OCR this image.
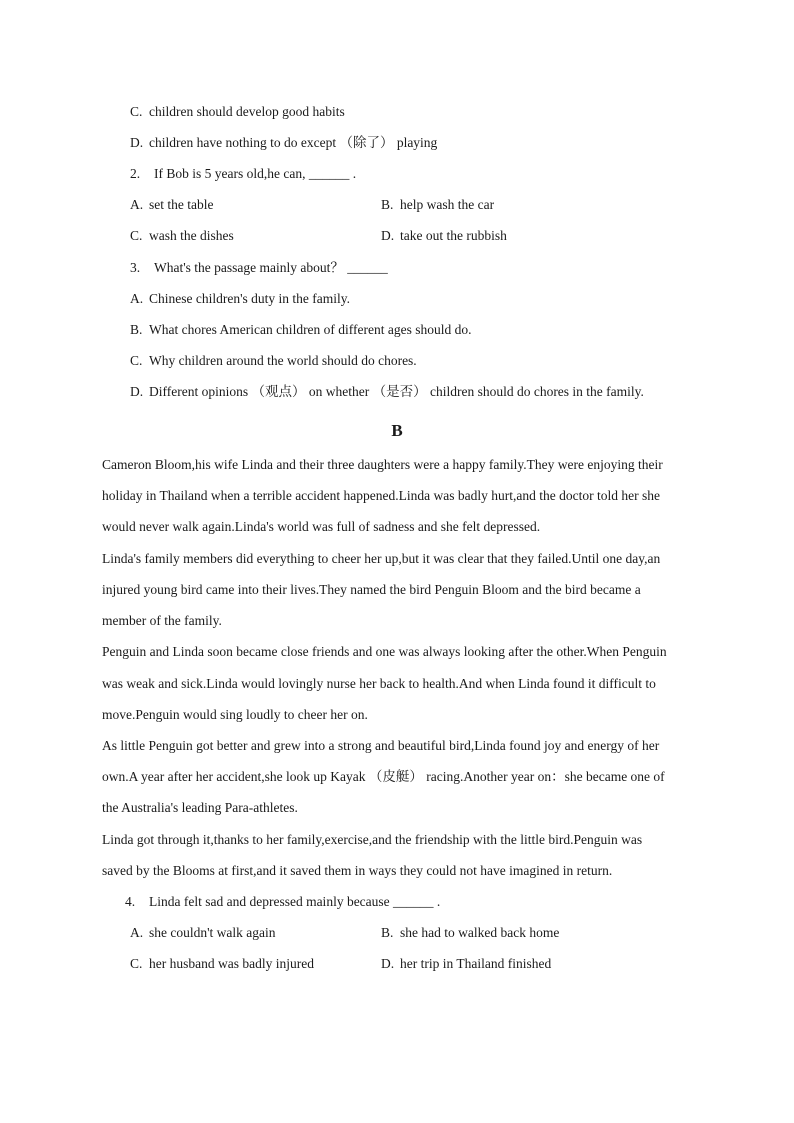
C. children should develop good habits
D. children have nothing to do except （除了） playing
2. If Bob is 5 years old,he can, ______ .
A. set the table	B. help wash the car
C. wash the dishes	D. take out the rubbish
3. What's the passage mainly about？ ______
A. Chinese children's duty in the family.
B. What chores American children of different ages should do.
C. Why children around the world should do chores.
D. Different opinions （观点） on whether （是否） children should do chores in the family.
B
Cameron Bloom,his wife Linda and their three daughters were a happy family.They were enjoying their
holiday in Thailand when a terrible accident happened.Linda was badly hurt,and the doctor told her she
would never walk again.Linda's world was full of sadness and she felt depressed.
Linda's family members did everything to cheer her up,but it was clear that they failed.Until one day,an
injured young bird came into their lives.They named the bird Penguin Bloom and the bird became a
member of the family.
Penguin and Linda soon became close friends and one was always looking after the other.When Penguin
was weak and sick.Linda would lovingly nurse her back to health.And when Linda found it difficult to
move.Penguin would sing loudly to cheer her on.
As little Penguin got better and grew into a strong and beautiful bird,Linda found joy and energy of her
own.A year after her accident,she look up Kayak （皮艇） racing.Another year on：she became one of
the Australia's leading Para-athletes.
Linda got through it,thanks to her family,exercise,and the friendship with the little bird.Penguin was
saved by the Blooms at first,and it saved them in ways they could not have imagined in return.
4. Linda felt sad and depressed mainly because ______ .
A. she couldn't walk again	B. she had to walked back home
C. her husband was badly injured	D. her trip in Thailand finished
